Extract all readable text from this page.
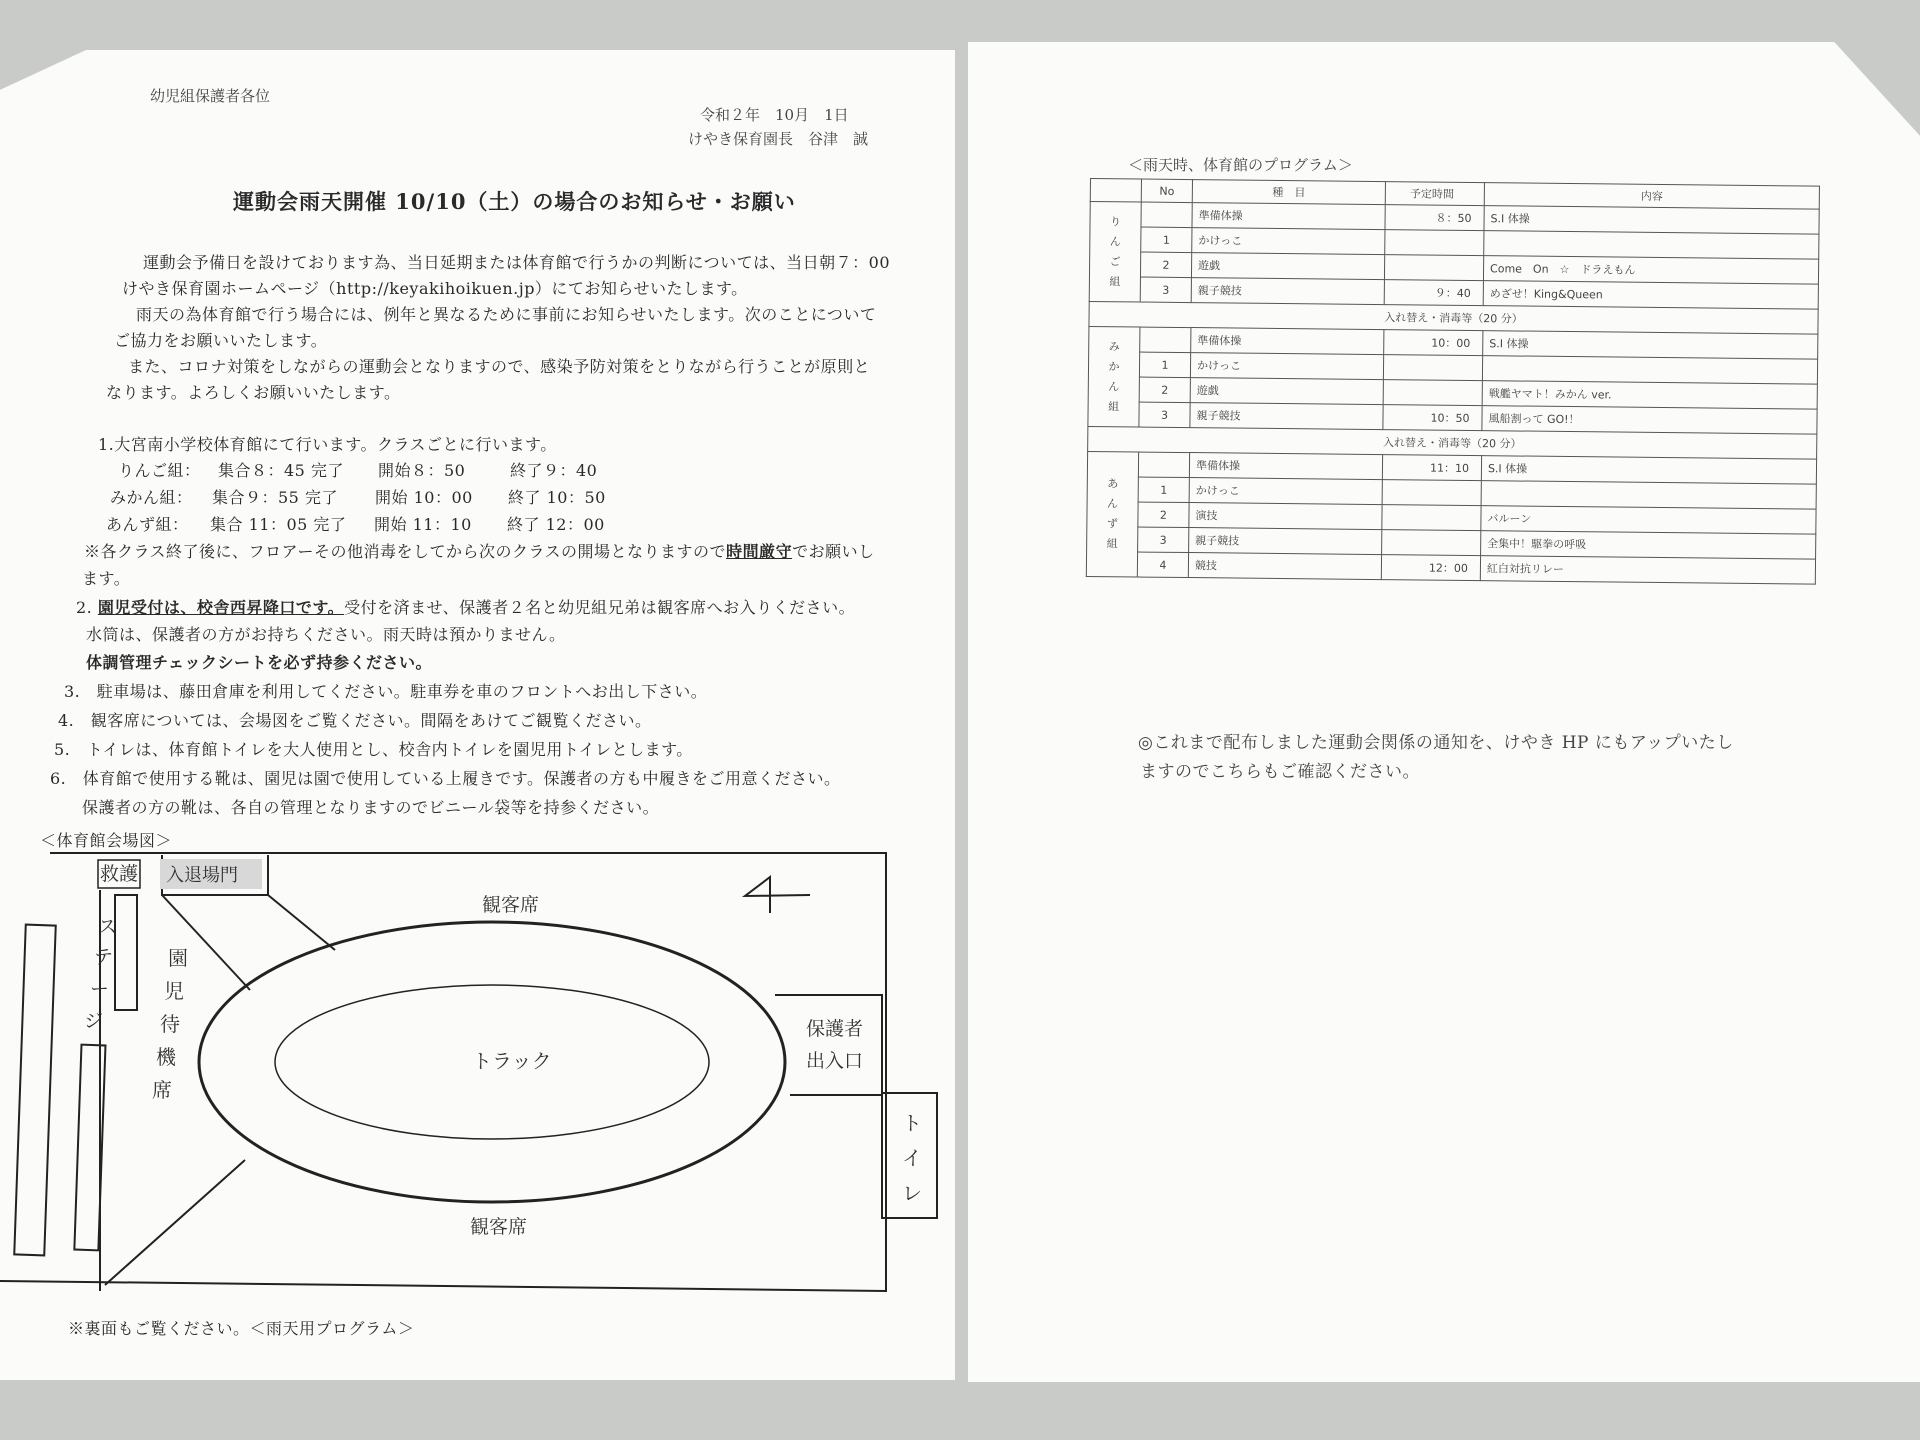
幼児組保護者各位
令和２年　10月　1日
けやき保育園長　谷津　誠
運動会雨天開催 10/10（土）の場合のお知らせ・お願い
運動会予備日を設けております為、当日延期または体育館で行うかの判断については、当日朝７：00
けやき保育園ホームページ（http://keyakihoikuen.jp）にてお知らせいたします。
雨天の為体育館で行う場合には、例年と異なるために事前にお知らせいたします。次のことについて
ご協力をお願いいたします。
また、コロナ対策をしながらの運動会となりますので、感染予防対策をとりながら行うことが原則と
なります。よろしくお願いいたします。
1.大宮南小学校体育館にて行います。クラスごとに行います。
りんご組： 集合８：45 完了 開始８：50	終了９：40
みかん組： 集合９：55 完了 開始 10：00 終了 10：50
あんず組： 集合 11：05 完了 開始 11：10 終了 12：00
※各クラス終了後に、フロアーその他消毒をしてから次のクラスの開場となりますので時間厳守でお願いし
ます。
2. 園児受付は、校舎西昇降口です。受付を済ませ、保護者２名と幼児組兄弟は観客席へお入りください。
水筒は、保護者の方がお持ちください。雨天時は預かりません。
体調管理チェックシートを必ず持参ください。
3.　駐車場は、藤田倉庫を利用してください。駐車券を車のフロントへお出し下さい。
4.　観客席については、会場図をご覧ください。間隔をあけてご観覧ください。
5.　トイレは、体育館トイレを大人使用とし、校舎内トイレを園児用トイレとします。
6.　体育館で使用する靴は、園児は園で使用している上履きです。保護者の方も中履きをご用意ください。
保護者の方の靴は、各自の管理となりますのでビニール袋等を持参ください。
＜体育館会場図＞
救護 入退場門
ス
テ
ー
ジ
園
児
待
機
席
観客席
観客席
トラック
保護者
出入口
ト
イ
レ
※裏面もご覧ください。＜雨天用プログラム＞
＜雨天時、体育館のプログラム＞
	No	種　目	予定時間	内容

り
ん
ご
組		準備体操	８：50	S.I 体操
	1	かけっこ		
	2	遊戯		Come　On　☆　ドラえもん
	3	親子競技	９：40	めざせ！King&Queen
入れ替え・消毒等（20 分）				

み
か
ん
組		準備体操	10：00	S.I 体操
	1	かけっこ		
	2	遊戯		戦艦ヤマト！みかん ver.
	3	親子競技	10：50	風船割って GO!！
入れ替え・消毒等（20 分）				

あ
ん
ず
組		準備体操	11：10	S.I 体操
	1	かけっこ		
	2	演技		バルーン
	3	親子競技		全集中！駆拳の呼吸
	4	競技	12：00	紅白対抗リレー
◎これまで配布しました運動会関係の通知を、けやき HP にもアップいたし
ますのでこちらもご確認ください。
